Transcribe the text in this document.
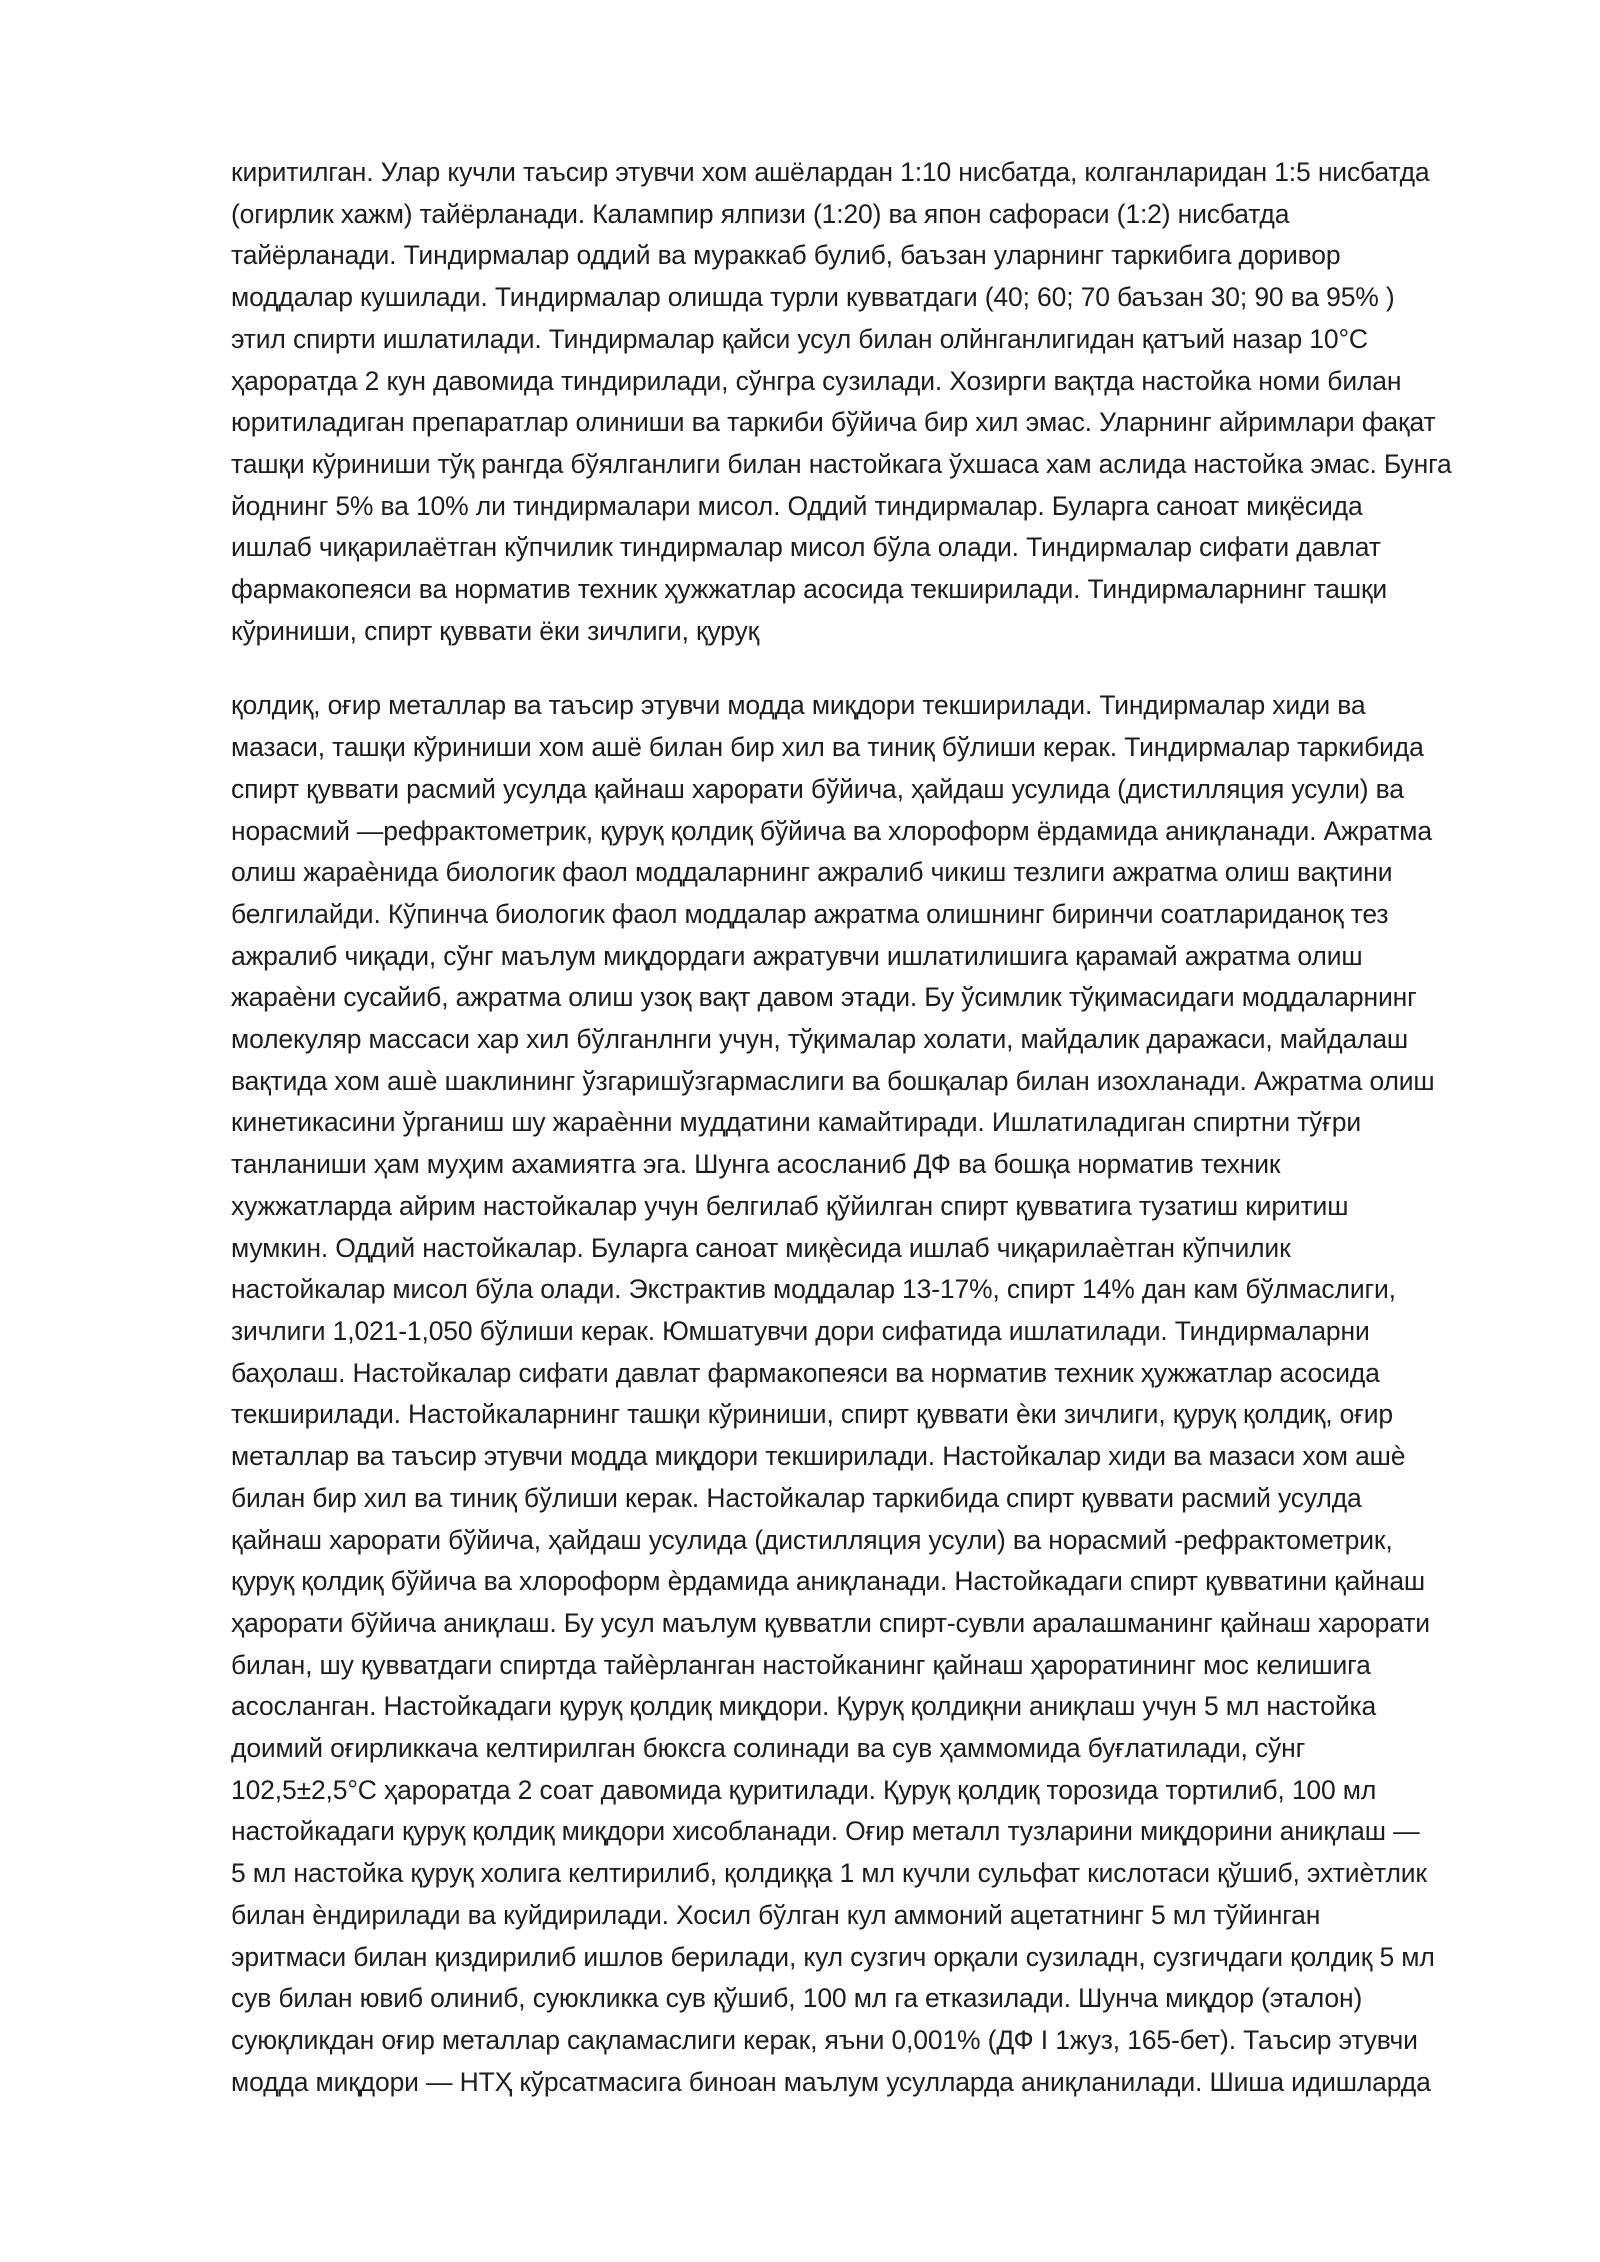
киритилган. Улар кучли таъсир этувчи хом ашёлардан 1:10 нисбатда, колганларидан 1:5 нисбатда
(огирлик хажм) тайёрланади. Калампир ялпизи (1:20) ва япон сафораси (1:2) нисбатда
тайёрланади. Тиндирмалар оддий ва мураккаб булиб, баъзан уларнинг таркибига доривор
моддалар кушилади. Тиндирмалар олишда турли кувватдаги (40; 60; 70 баъзан 30; 90 ва 95% )
этил спирти ишлатилади. Тиндирмалар қайси усул билан олйнганлигидан қатъий назар 10°С
ҳароратда 2 кун давомида тиндирилади, сўнгра сузилади. Хозирги вақтда настойка номи билан
юритиладиган препаратлар олиниши ва таркиби бўйича бир хил эмас. Уларнинг айримлари фақат
ташқи кўриниши тўқ рангда бўялганлиги билан настойкага ўхшаса хам аслида настойка эмас. Бунга
йоднинг 5% ва 10% ли тиндирмалари мисол. Оддий тиндирмалар. Буларга саноат миқёсида
ишлаб чиқарилаётган кўпчилик тиндирмалар мисол бўла олади. Тиндирмалар сифати давлат
фармакопеяси ва норматив техник ҳужжатлар асосида текширилади. Тиндирмаларнинг ташқи
кўриниши, спирт қуввати ёки зичлиги, қуруқ

қолдиқ, оғир металлар ва таъсир этувчи модда миқдори текширилади. Тиндирмалар хиди ва
мазаси, ташқи кўриниши хом ашё билан бир хил ва тиниқ бўлиши керак. Тиндирмалар таркибида
спирт қуввати расмий усулда қайнаш харорати бўйича, ҳайдаш усулида (дистилляция усули) ва
норасмий —рефрактометрик, қуруқ қолдиқ бўйича ва хлороформ ёрдамида аниқланади. Ажратма
олиш жараѐнида биологик фаол моддаларнинг ажралиб чикиш тезлиги ажратма олиш вақтини
белгилайди. Кўпинча биологик фаол моддалар ажратма олишнинг биринчи соатлариданоқ тез
ажралиб чиқади, сўнг маълум миқдордаги ажратувчи ишлатилишига қарамай ажратма олиш
жараѐни сусайиб, ажратма олиш узоқ вақт давом этади. Бу ўсимлик тўқимасидаги моддаларнинг
молекуляр массаси хар хил бўлганлнги учун, тўқималар холати, майдалик даражаси, майдалаш
вақтида хом ашѐ шаклининг ўзгаришўзгармаслиги ва бошқалар билан изохланади. Ажратма олиш
кинетикасини ўрганиш шу жараѐнни муддатини камайтиради. Ишлатиладиган спиртни тўғри
танланиши ҳам муҳим ахамиятга эга. Шунга асосланиб ДФ ва бошқа норматив техник
хужжатларда айрим настойкалар учун белгилаб қўйилган спирт қувватига тузатиш киритиш
мумкин. Оддий настойкалар. Буларга саноат миқѐсида ишлаб чиқарилаѐтган кўпчилик
настойкалар мисол бўла олади. Экстрактив моддалар 13-17%, спирт 14% дан кам бўлмаслиги,
зичлиги 1,021-1,050 бўлиши керак. Юмшатувчи дори сифатида ишлатилади. Тиндирмаларни
баҳолаш. Настойкалар сифати давлат фармакопеяси ва норматив техник ҳужжатлар асосида
текширилади. Настойкаларнинг ташқи кўриниши, спирт қуввати ѐки зичлиги, қуруқ қолдиқ, оғир
металлар ва таъсир этувчи модда миқдори текширилади. Настойкалар хиди ва мазаси хом ашѐ
билан бир хил ва тиниқ бўлиши керак. Настойкалар таркибида спирт қуввати расмий усулда
қайнаш харорати бўйича, ҳайдаш усулида (дистилляция усули) ва норасмий -рефрактометрик,
қуруқ қолдиқ бўйича ва хлороформ ѐрдамида аниқланади. Настойкадаги спирт қувватини қайнаш
ҳарорати бўйича аниқлаш. Бу усул маълум қувватли спирт-сувли аралашманинг қайнаш харорати
билан, шу қувватдаги спиртда тайѐрланган настойканинг қайнаш ҳароратининг мос келишига
асосланган. Настойкадаги қуруқ қолдиқ миқдори. Қуруқ қолдиқни аниқлаш учун 5 мл настойка
доимий оғирликкача келтирилган бюксга солинади ва сув ҳаммомида буғлатилади, сўнг
102,5±2,5°С ҳароратда 2 соат давомида қуритилади. Қуруқ қолдиқ торозида тортилиб, 100 мл
настойкадаги қуруқ қолдиқ миқдори хисобланади. Оғир металл тузларини миқдорини аниқлаш —
5 мл настойка қуруқ холига келтирилиб, қолдиққа 1 мл кучли сульфат кислотаси қўшиб, эхтиѐтлик
билан ѐндирилади ва куйдирилади. Хосил бўлган кул аммоний ацетатнинг 5 мл тўйинган
эритмаси билан қиздирилиб ишлов берилади, кул сузгич орқали сузиладн, сузгичдаги қолдиқ 5 мл
сув билан ювиб олиниб, суюкликка сув қўшиб, 100 мл га етказилади. Шунча миқдор (эталон)
суюқликдан оғир металлар сақламаслиги керак, яъни 0,001% (ДФ I 1жуз, 165-бет). Таъсир этувчи
модда миқдори — НТҲ кўрсатмасига биноан маълум усулларда аниқланилади. Шиша идишларда
